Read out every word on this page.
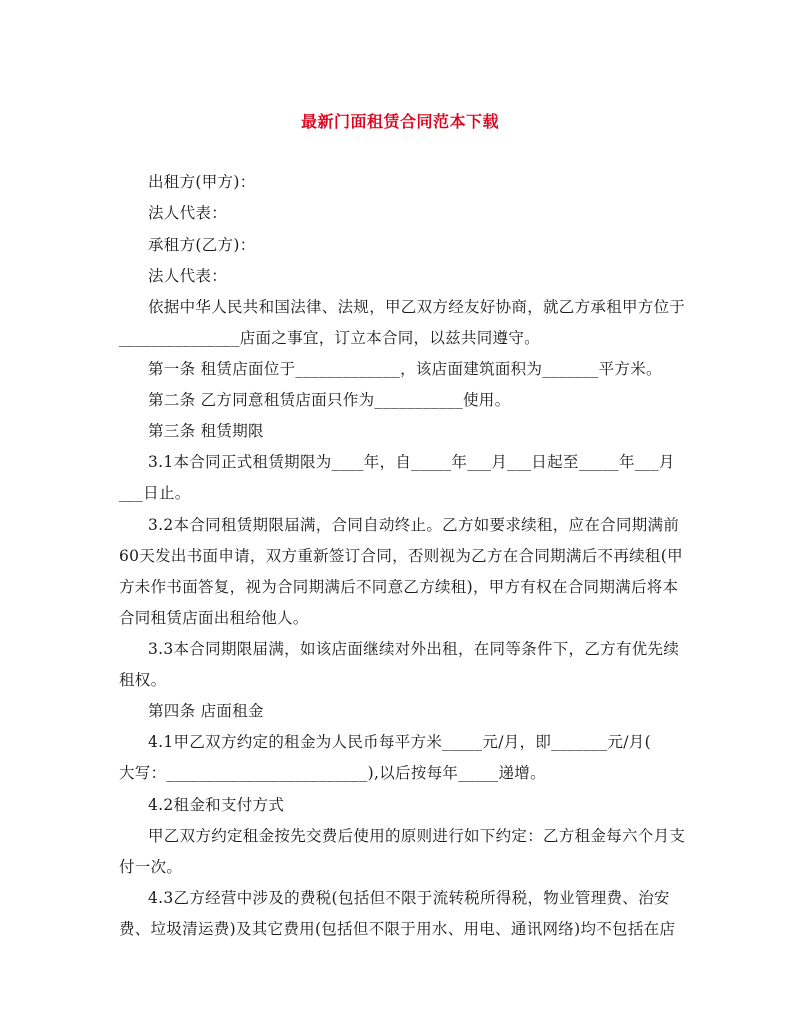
最新门面租赁合同范本下载
出租方(甲方)：
法人代表：
承租方(乙方)：
法人代表：
依据中华人民共和国法律、法规，甲乙双方经友好协商，就乙方承租甲方位于
_______________店面之事宜，订立本合同，以兹共同遵守。
第一条 租赁店面位于_____________，该店面建筑面积为_______平方米。
第二条 乙方同意租赁店面只作为___________使用。
第三条 租赁期限
3.1本合同正式租赁期限为____年，自_____年___月___日起至_____年___月
___日止。
3.2本合同租赁期限届满，合同自动终止。乙方如要求续租，应在合同期满前
60天发出书面申请，双方重新签订合同，否则视为乙方在合同期满后不再续租(甲
方未作书面答复，视为合同期满后不同意乙方续租)，甲方有权在合同期满后将本
合同租赁店面出租给他人。
3.3本合同期限届满，如该店面继续对外出租，在同等条件下，乙方有优先续
租权。
第四条 店面租金
4.1甲乙双方约定的租金为人民币每平方米_____元/月，即_______元/月(
大写：_________________________),以后按每年_____递增。
4.2租金和支付方式
甲乙双方约定租金按先交费后使用的原则进行如下约定：乙方租金每六个月支
付一次。
4.3乙方经营中涉及的费税(包括但不限于流转税所得税，物业管理费、治安
费、垃圾清运费)及其它费用(包括但不限于用水、用电、通讯网络)均不包括在店
